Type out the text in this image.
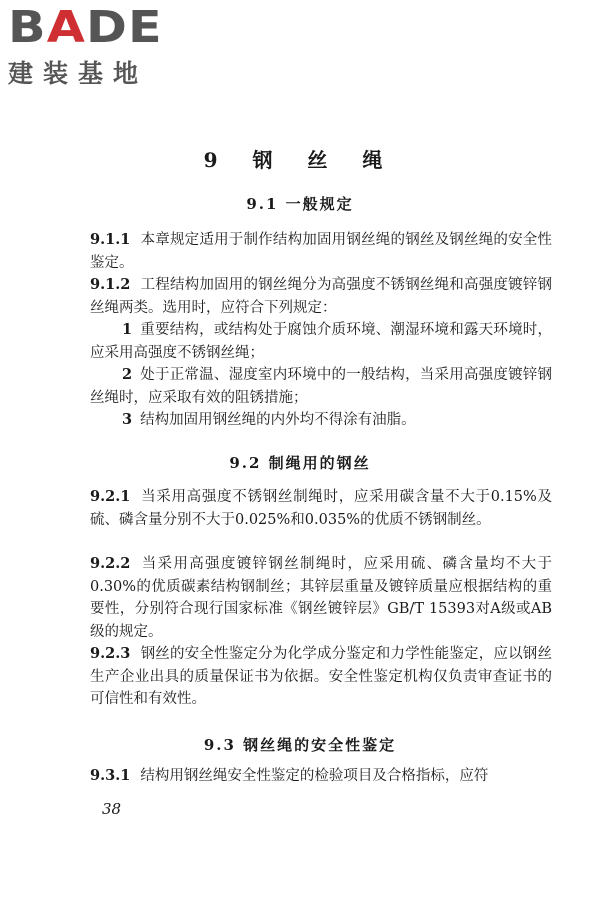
BADE
建装基地
9 钢 丝 绳
9.1 一般规定
9.1.1 本章规定适用于制作结构加固用钢丝绳的钢丝及钢丝绳的安全性鉴定。
9.1.2 工程结构加固用的钢丝绳分为高强度不锈钢丝绳和高强度镀锌钢丝绳两类。选用时，应符合下列规定：
1 重要结构，或结构处于腐蚀介质环境、潮湿环境和露天环境时，应采用高强度不锈钢丝绳；
2 处于正常温、湿度室内环境中的一般结构，当采用高强度镀锌钢丝绳时，应采取有效的阻锈措施；
3 结构加固用钢丝绳的内外均不得涂有油脂。
9.2 制绳用的钢丝
9.2.1 当采用高强度不锈钢丝制绳时，应采用碳含量不大于0.15%及硫、磷含量分别不大于0.025%和0.035%的优质不锈钢制丝。
9.2.2 当采用高强度镀锌钢丝制绳时，应采用硫、磷含量均不大于0.30%的优质碳素结构钢制丝；其锌层重量及镀锌质量应根据结构的重要性，分别符合现行国家标准《钢丝镀锌层》GB/T 15393对A级或AB级的规定。
9.2.3 钢丝的安全性鉴定分为化学成分鉴定和力学性能鉴定，应以钢丝生产企业出具的质量保证书为依据。安全性鉴定机构仅负责审查证书的可信性和有效性。
9.3 钢丝绳的安全性鉴定
9.3.1 结构用钢丝绳安全性鉴定的检验项目及合格指标，应符
38
